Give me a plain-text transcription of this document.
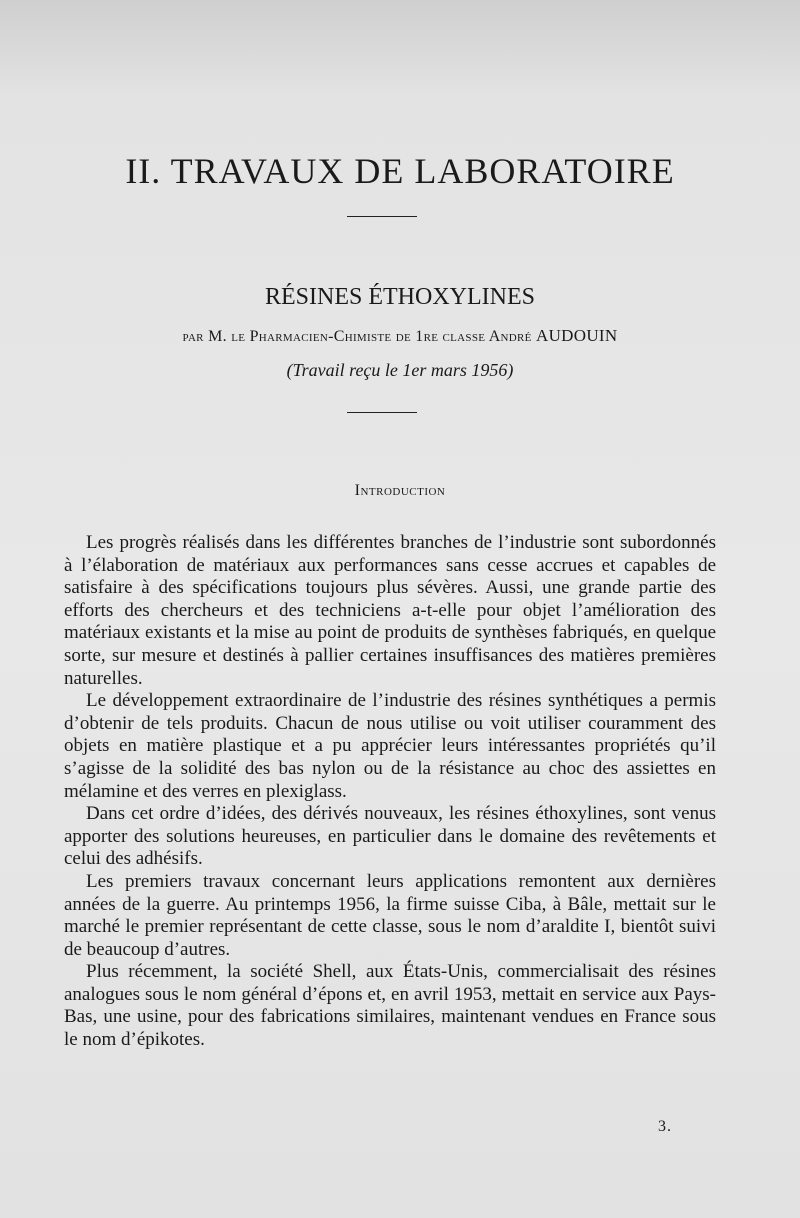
II. TRAVAUX DE LABORATOIRE
RÉSINES ÉTHOXYLINES
par M. le Pharmacien-Chimiste de 1re classe André AUDOUIN
(Travail reçu le 1er mars 1956)
Introduction

Les progrès réalisés dans les différentes branches de l’industrie sont subordonnés à l’élaboration de matériaux aux performances sans cesse accrues et capables de satisfaire à des spécifications toujours plus sévères. Aussi, une grande partie des efforts des chercheurs et des techniciens a-t-elle pour objet l’amélioration des matériaux existants et la mise au point de produits de synthèses fabriqués, en quelque sorte, sur mesure et destinés à pallier certaines insuffisances des matières premières naturelles.

Le développement extraordinaire de l’industrie des résines synthétiques a permis d’obtenir de tels produits. Chacun de nous utilise ou voit utiliser couramment des objets en matière plastique et a pu apprécier leurs intéressantes propriétés qu’il s’agisse de la solidité des bas nylon ou de la résistance au choc des assiettes en mélamine et des verres en plexiglass.

Dans cet ordre d’idées, des dérivés nouveaux, les résines éthoxylines, sont venus apporter des solutions heureuses, en particulier dans le domaine des revêtements et celui des adhésifs.

Les premiers travaux concernant leurs applications remontent aux dernières années de la guerre. Au printemps 1956, la firme suisse Ciba, à Bâle, mettait sur le marché le premier représentant de cette classe, sous le nom d’araldite I, bientôt suivi de beaucoup d’autres.

Plus récemment, la société Shell, aux États-Unis, commercialisait des résines analogues sous le nom général d’épons et, en avril 1953, mettait en service aux Pays-Bas, une usine, pour des fabrications similaires, maintenant vendues en France sous le nom d’épikotes.

3.
